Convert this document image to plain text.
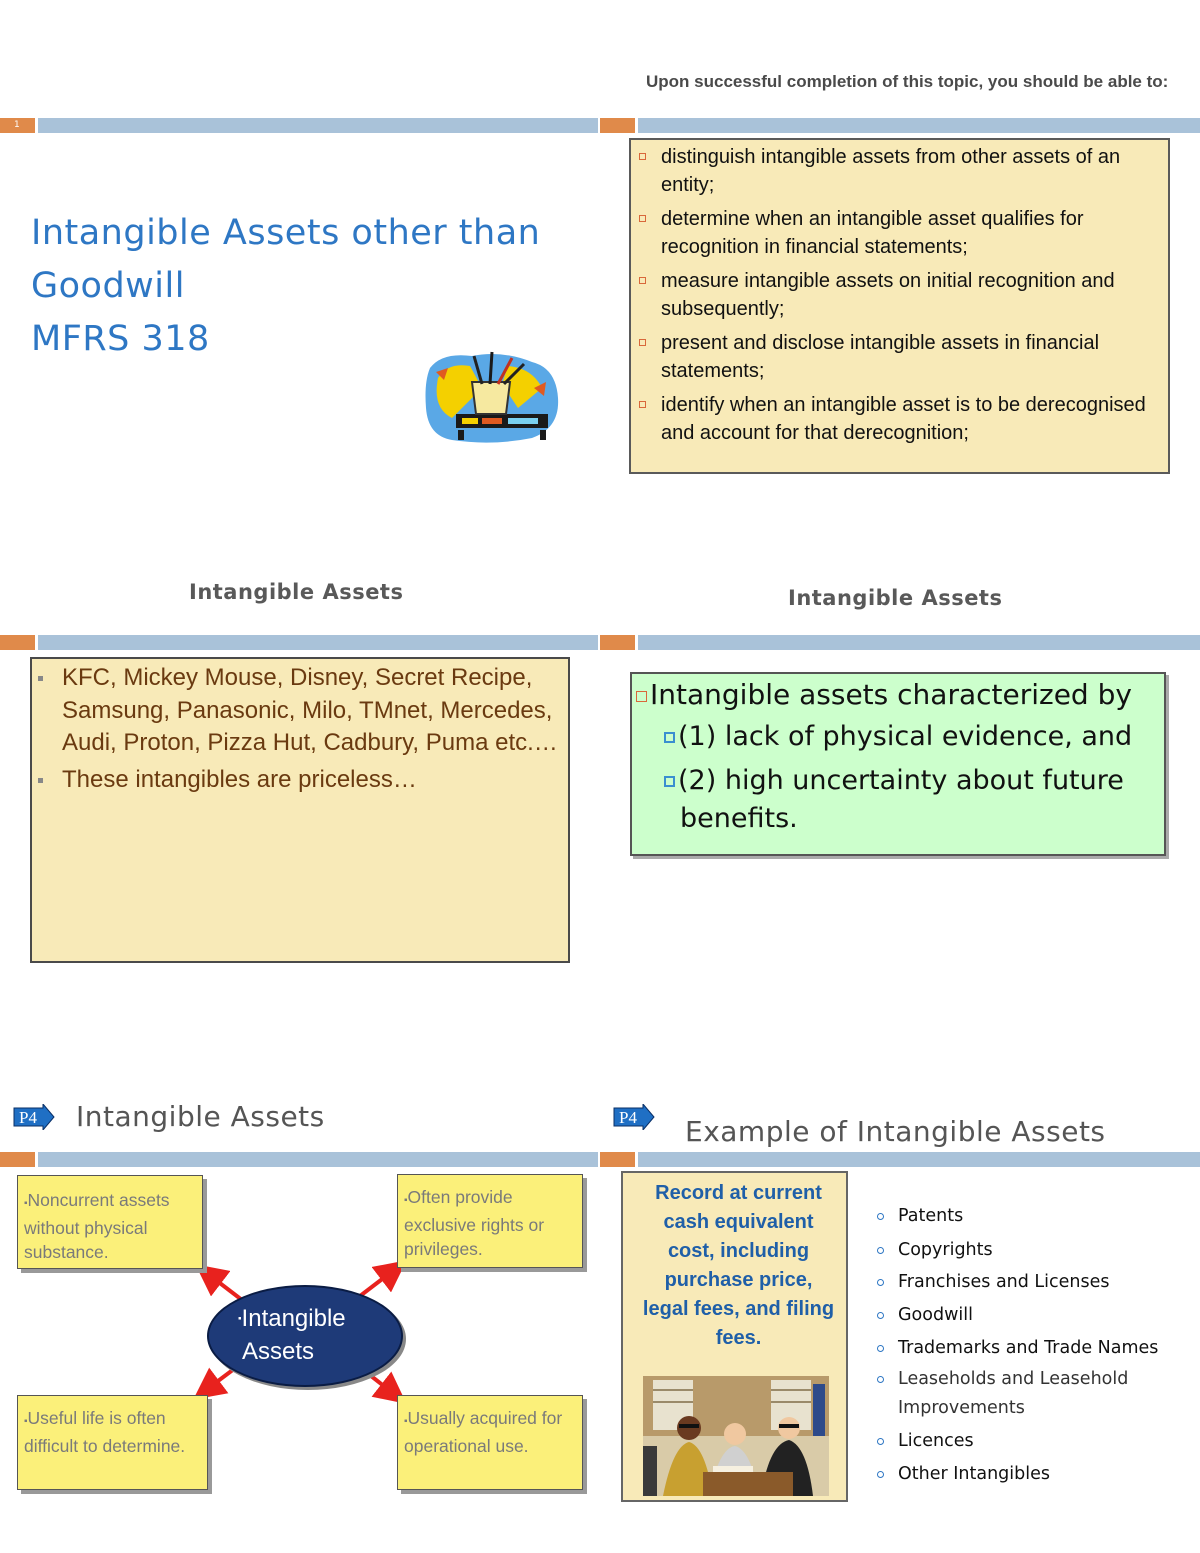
1
Intangible Assets other than
Goodwill
MFRS 318
Upon successful completion of this topic, you should be able to:
distinguish intangible assets from other assets of an entity;
determine when an intangible asset qualifies for recognition in financial statements;
measure intangible assets on initial recognition and subsequently;
present and disclose intangible assets in financial statements;
identify when an intangible asset is to be derecognised and account for that derecognition;
Intangible Assets
KFC, Mickey Mouse, Disney, Secret Recipe, Samsung, Panasonic, Milo, TMnet, Mercedes, Audi, Proton, Pizza Hut, Cadbury, Puma etc.…
These intangibles are priceless…
Intangible Assets
Intangible assets characterized by
(1) lack of physical evidence, and
(2) high uncertainty about future
benefits.
P4 Intangible Assets
▪Intangible
Assets
▪Noncurrent assets without physical substance.
▪Often provide exclusive rights or privileges.
▪Useful life is often difficult to determine.
▪Usually acquired for operational use.
P4 Example of Intangible Assets
Record at current cash equivalent cost, including purchase price, legal fees, and filing fees.
Patents
Copyrights
Franchises and Licenses
Goodwill
Trademarks and Trade Names
Leaseholds and Leasehold Improvements
Licences
Other Intangibles
